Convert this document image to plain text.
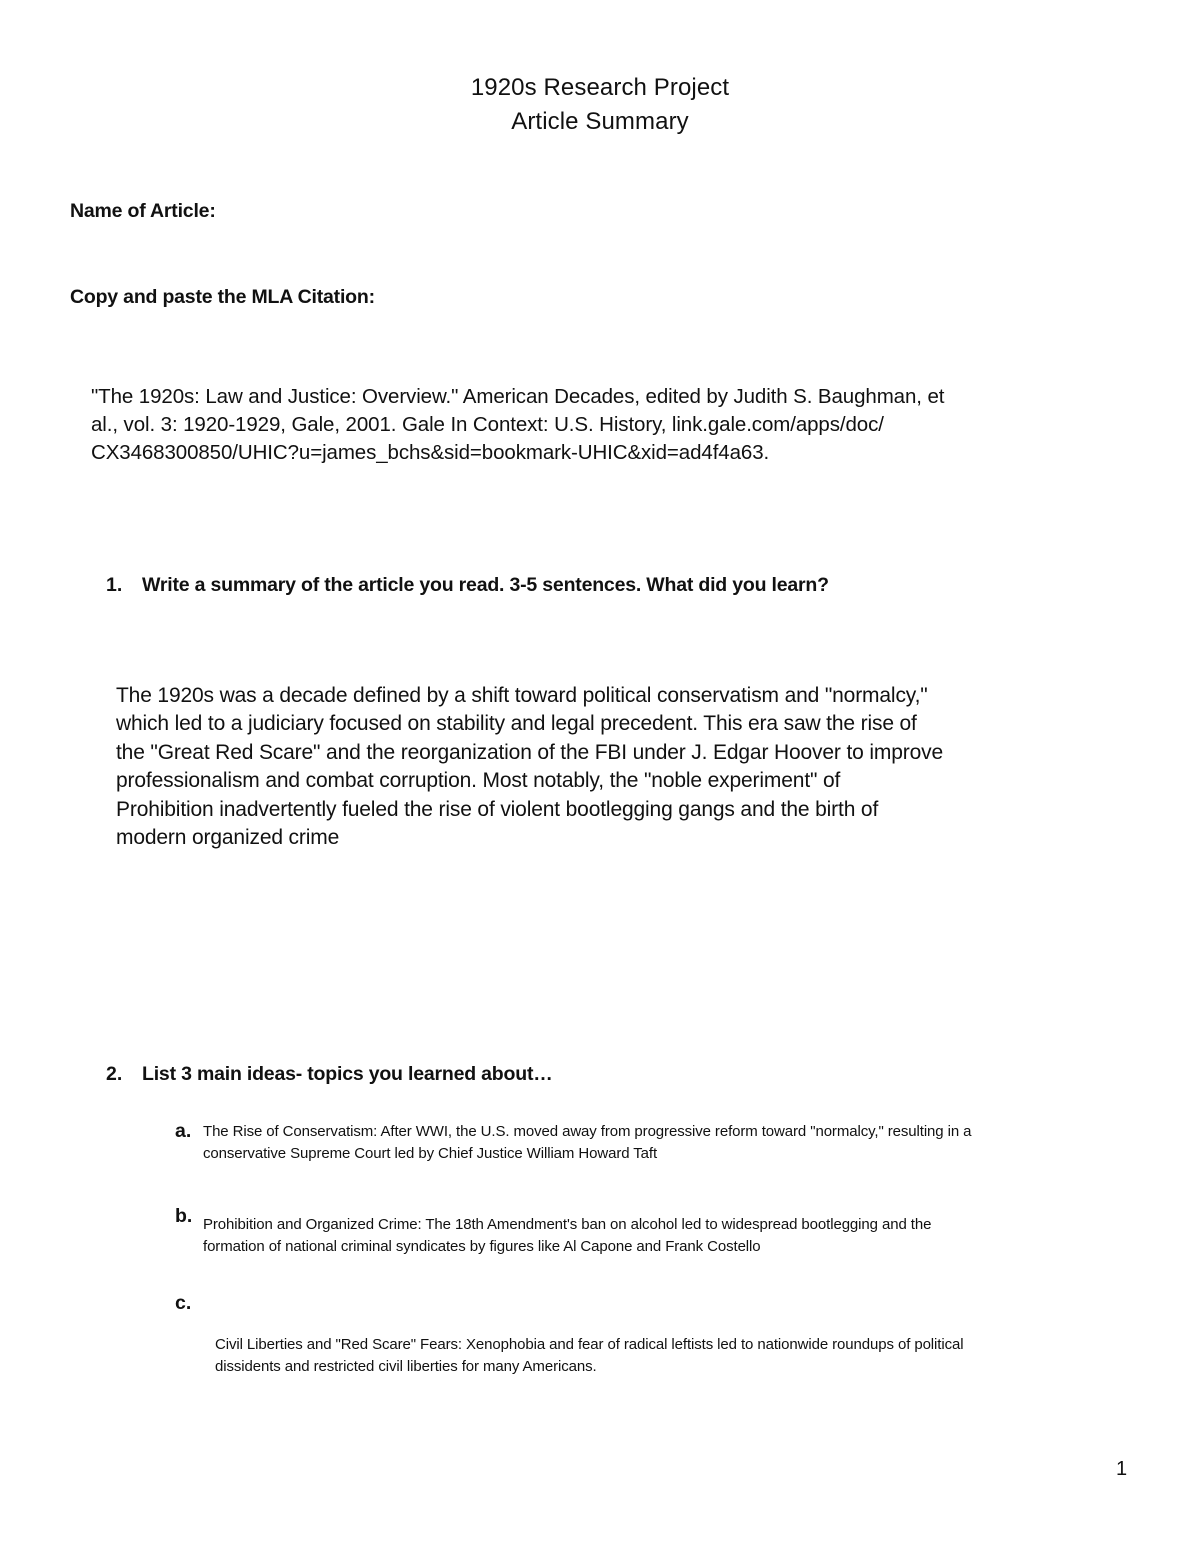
1920s Research Project
Article Summary
Name of Article:
Copy and paste the MLA Citation:
"The 1920s: Law and Justice: Overview." American Decades, edited by Judith S. Baughman, et
al., vol. 3: 1920-1929, Gale, 2001. Gale In Context: U.S. History, link.gale.com/apps/doc/
CX3468300850/UHIC?u=james_bchs&sid=bookmark-UHIC&xid=ad4f4a63.
1. Write a summary of the article you read. 3-5 sentences. What did you learn?
The 1920s was a decade defined by a shift toward political conservatism and "normalcy,"
which led to a judiciary focused on stability and legal precedent. This era saw the rise of
the "Great Red Scare" and the reorganization of the FBI under J. Edgar Hoover to improve
professionalism and combat corruption. Most notably, the "noble experiment" of
Prohibition inadvertently fueled the rise of violent bootlegging gangs and the birth of
modern organized crime
2. List 3 main ideas- topics you learned about…
a. The Rise of Conservatism: After WWI, the U.S. moved away from progressive reform toward "normalcy," resulting in a
conservative Supreme Court led by Chief Justice William Howard Taft
b. Prohibition and Organized Crime: The 18th Amendment's ban on alcohol led to widespread bootlegging and the
formation of national criminal syndicates by figures like Al Capone and Frank Costello
c.
Civil Liberties and "Red Scare" Fears: Xenophobia and fear of radical leftists led to nationwide roundups of political
dissidents and restricted civil liberties for many Americans.
1
